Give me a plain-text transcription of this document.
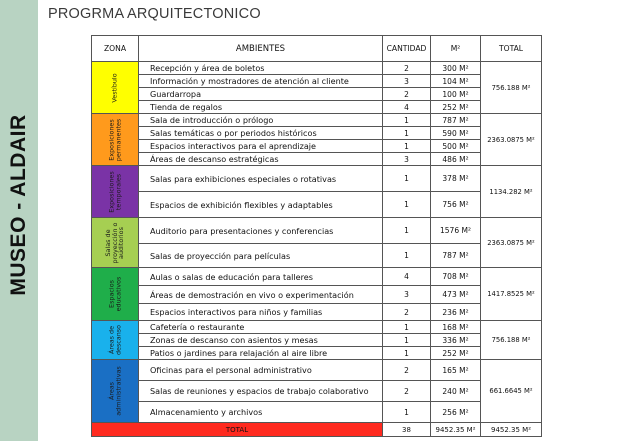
MUSEO - ALDAIR
PROGRMA ARQUITECTONICO
ZONA	AMBIENTES	CANTIDAD	M²	TOTAL

Vestíbulo	Recepción y área de boletos	2	300 M²	756.188 M²
	Información y mostradores de atención al cliente	3	104 M²	
	Guardarropa	2	100 M²	
	Tienda de regalos	4	252 M²	

Exposiciones permanentes	Sala de introducción o prólogo	1	787 M²	2363.0875 M²
	Salas temáticas o por periodos históricos	1	590 M²	
	Espacios interactivos para el aprendizaje	1	500 M²	
	Áreas de descanso estratégicas	3	486 M²	

Exposiciones temporales	Salas para exhibiciones especiales o rotativas	1	378 M²	1134.282 M²
	Espacios de exhibición flexibles y adaptables	1	756 M²	

Salas de proyección o auditorios	Auditorio para presentaciones y conferencias	1	1576 M²	2363.0875 M²
	Salas de proyección para películas	1	787 M²	

Espacios educativos	Aulas o salas de educación para talleres	4	708 M²	1417.8525 M²
	Áreas de demostración en vivo o experimentación	3	473 M²	
	Espacios interactivos para niños y familias	2	236 M²	

Áreas de descanso	Cafetería o restaurante	1	168 M²	756.188 M²
	Zonas de descanso con asientos y mesas	1	336 M²	
	Patios o jardines para relajación al aire libre	1	252 M²	

Áreas administrativas	Oficinas para el personal administrativo	2	165 M²	661.6645 M²
	Salas de reuniones y espacios de trabajo colaborativo	2	240 M²	
	Almacenamiento y archivos	1	256 M²	
TOTAL		38	9452.35 M²	9452.35 M²
